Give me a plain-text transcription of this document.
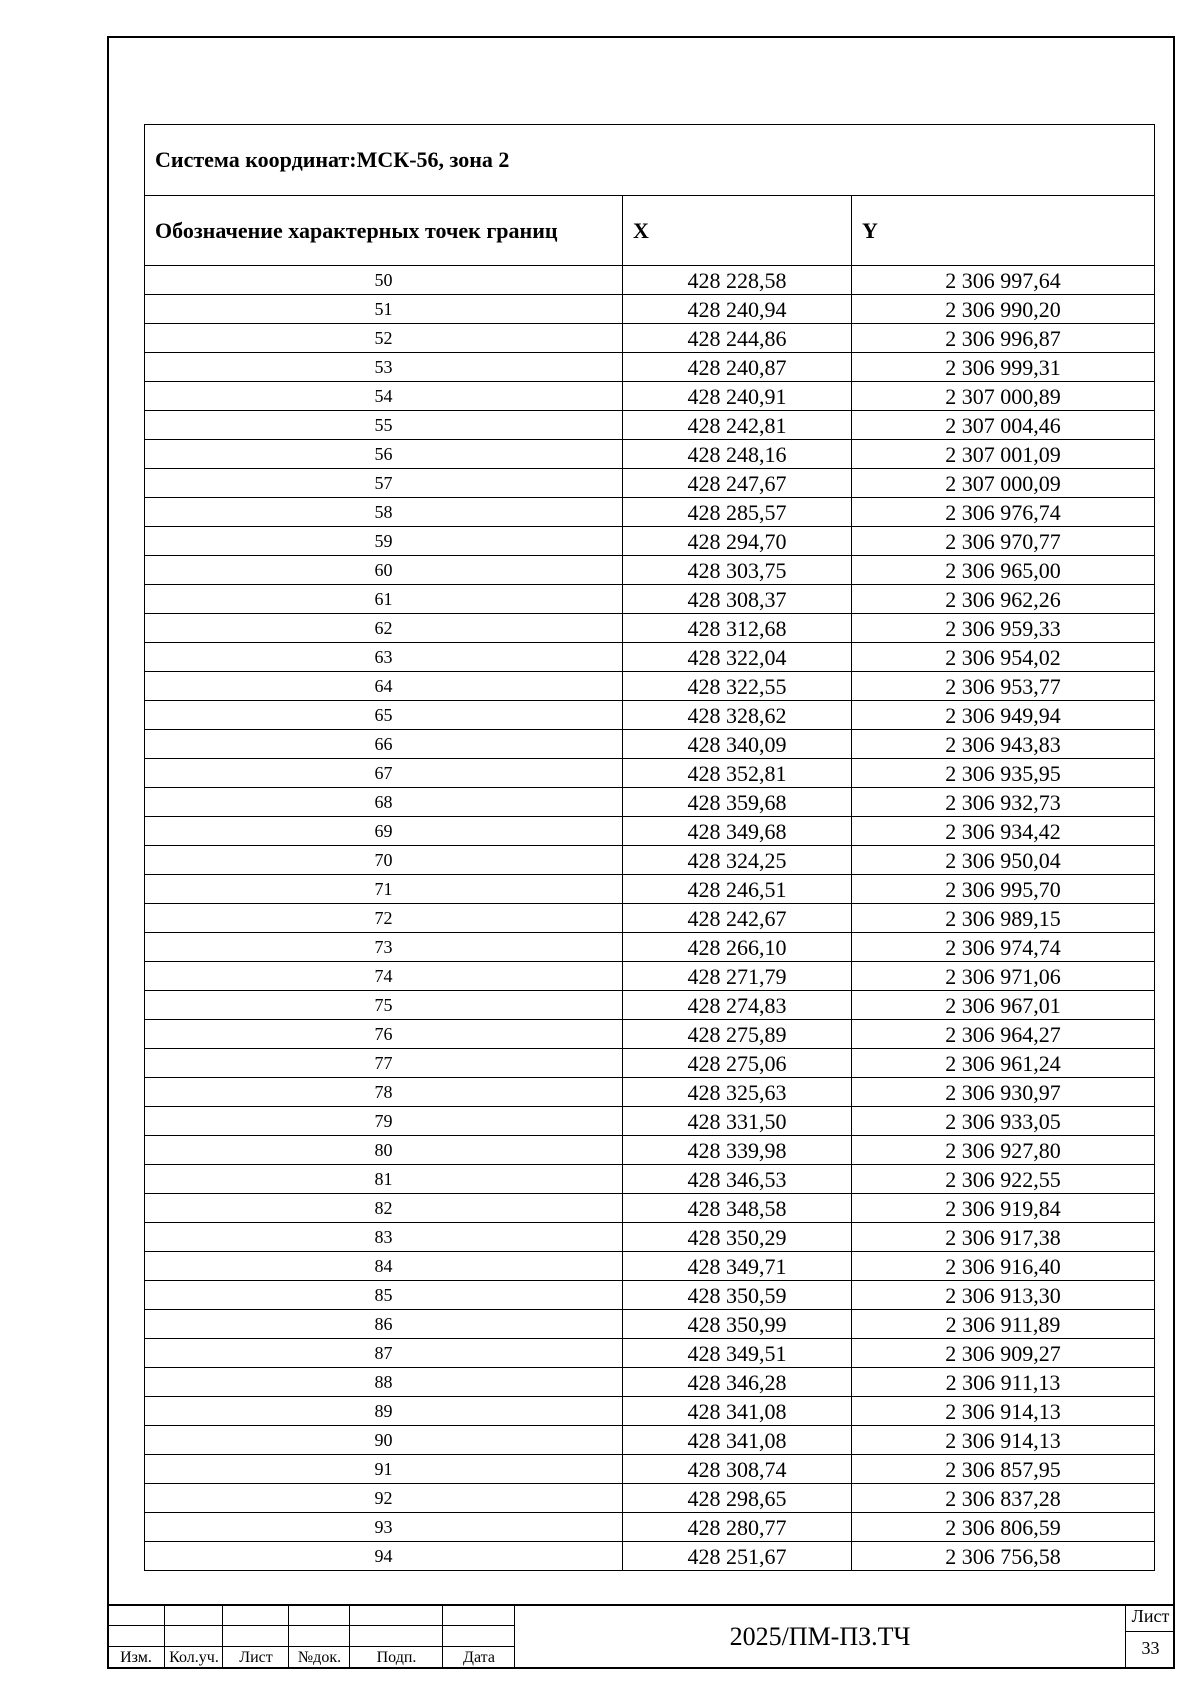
Система координат:МСК-56, зона 2		
Обозначение характерных точек границ	X	Y
50	428 228,58	2 306 997,64
51	428 240,94	2 306 990,20
52	428 244,86	2 306 996,87
53	428 240,87	2 306 999,31
54	428 240,91	2 307 000,89
55	428 242,81	2 307 004,46
56	428 248,16	2 307 001,09
57	428 247,67	2 307 000,09
58	428 285,57	2 306 976,74
59	428 294,70	2 306 970,77
60	428 303,75	2 306 965,00
61	428 308,37	2 306 962,26
62	428 312,68	2 306 959,33
63	428 322,04	2 306 954,02
64	428 322,55	2 306 953,77
65	428 328,62	2 306 949,94
66	428 340,09	2 306 943,83
67	428 352,81	2 306 935,95
68	428 359,68	2 306 932,73
69	428 349,68	2 306 934,42
70	428 324,25	2 306 950,04
71	428 246,51	2 306 995,70
72	428 242,67	2 306 989,15
73	428 266,10	2 306 974,74
74	428 271,79	2 306 971,06
75	428 274,83	2 306 967,01
76	428 275,89	2 306 964,27
77	428 275,06	2 306 961,24
78	428 325,63	2 306 930,97
79	428 331,50	2 306 933,05
80	428 339,98	2 306 927,80
81	428 346,53	2 306 922,55
82	428 348,58	2 306 919,84
83	428 350,29	2 306 917,38
84	428 349,71	2 306 916,40
85	428 350,59	2 306 913,30
86	428 350,99	2 306 911,89
87	428 349,51	2 306 909,27
88	428 346,28	2 306 911,13
89	428 341,08	2 306 914,13
90	428 341,08	2 306 914,13
91	428 308,74	2 306 857,95
92	428 298,65	2 306 837,28
93	428 280,77	2 306 806,59
94	428 251,67	2 306 756,58
Изм.	Кол.уч.	Лист	№док.	Подп.	Дата
2025/ПМ-ПЗ.ТЧ
Лист
33
